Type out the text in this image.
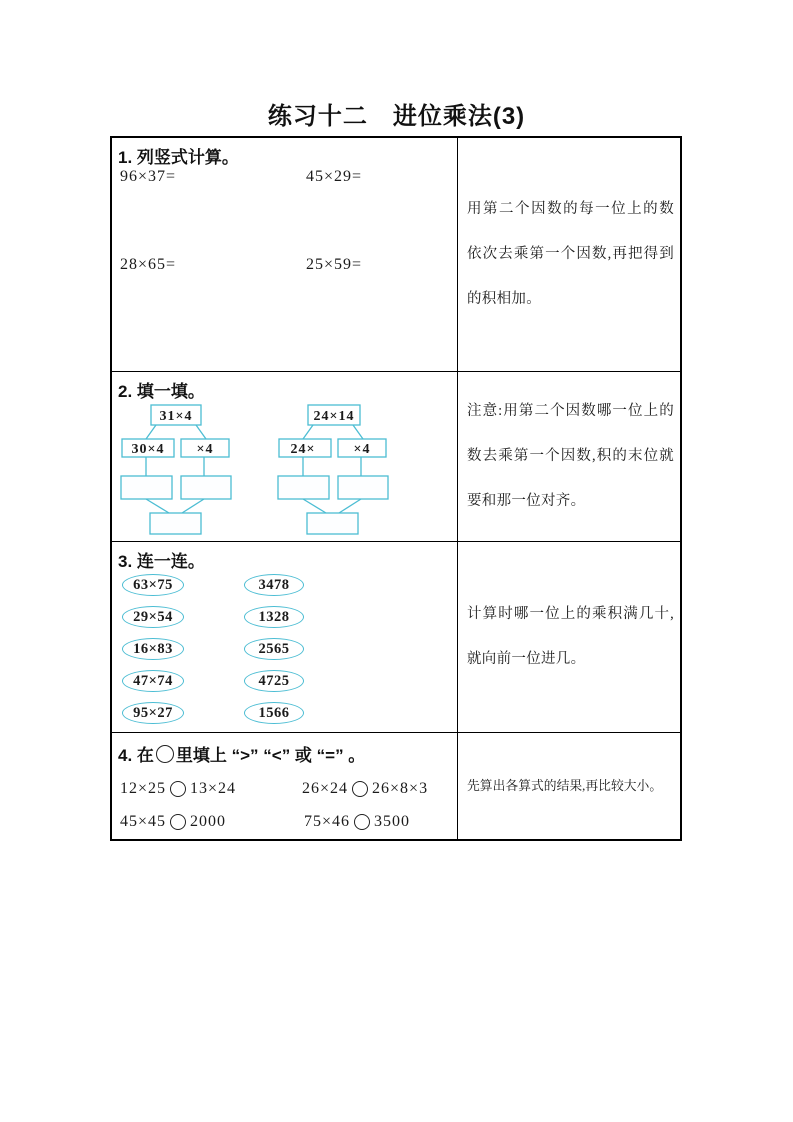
练习十二　进位乘法(3)
1. 列竖式计算。
96×37=	45×29=
28×65=	25×59=

用第二个因数的每一位上的数依次去乘第一个因数,再把得到的积相加。

31×4
30×4 ×4
24×14
24×	×4
2. 填一填。

注意:用第二个因数哪一位上的数去乘第一个因数,积的末位就要和那一位对齐。

3. 连一连。
63×75
29×54
16×83
47×74
95×27
3478
1328
2565
4725
1566

计算时哪一位上的乘积满几十,就向前一位进几。

4. 在 里填上 “>” “<” 或 “=” 。
12×25 13×24	26×24 26×8×3
45×45 2000	75×46 3500

先算出各算式的结果,再比较大小。
